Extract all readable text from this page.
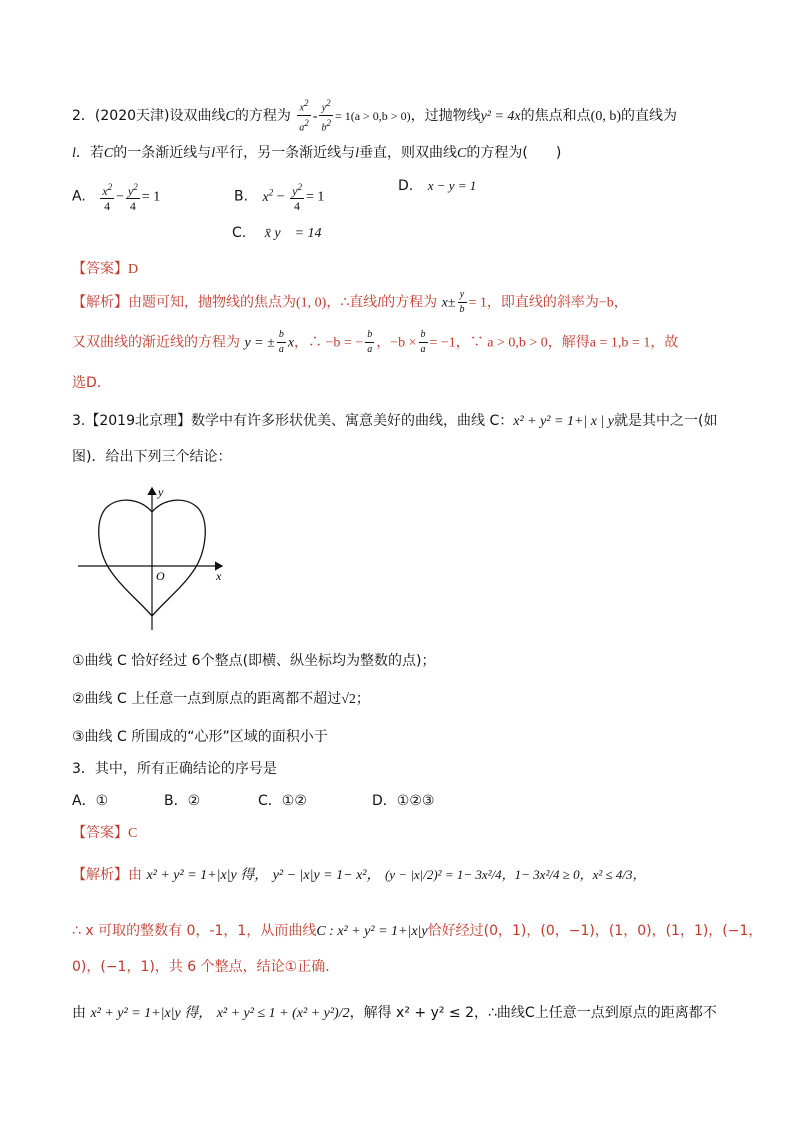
2．(2020天津)设双曲线C的方程为 $\frac{x^2}{a^2} - \frac{y^2}{b^2} = 1(a > 0,b > 0)$，过抛物线y² = 4x的焦点和点(0, b)的直线为
l．若C的一条渐近线与l平行，另一条渐近线与l垂直，则双曲线C的方程为(　　)
A. $\frac{x^2}{4} - \frac{y^2}{4} = 1$	B. $x^2 - \frac{y^2}{4} = 1$
D. x − y = 1
C. x̄ y　= 14
【答案】D
【解析】由题可知，抛物线的焦点为(1, 0)，∴直线l的方程为 $x\pm \frac{y}{b} = 1$，即直线的斜率为−b，
又双曲线的渐近线的方程为 y = ± $\frac{b}{a}$ x，∴ −b = − $\frac{b}{a}$ ，$-b \times \frac{b}{a} = -1$，∵ a > 0,b > 0，解得a = 1,b = 1，故
选D．
3.【2019北京理】数学中有许多形状优美、寓意美好的曲线，曲线 C：x² + y² = 1+| x | y就是其中之一(如
图)．给出下列三个结论：
y
x
O
①曲线 C 恰好经过 6个整点(即横、纵坐标均为整数的点)；
②曲线 C 上任意一点到原点的距离都不超过√2；
③曲线 C 所围成的“心形”区域的面积小于
3．其中，所有正确结论的序号是
A．①	B．②	C．①②	D．①②③
【答案】C
【解析】由 x² + y² = 1+|x|y 得， y² − |x|y = 1− x²， (y − |x|/2)² = 1− 3x²/4，1− 3x²/4 ≥ 0，x² ≤ 4/3，
∴ x 可取的整数有 0，-1，1，从而曲线C : x² + y² = 1+|x|y恰好经过(0，1)，(0，−1)，(1，0)，(1，1)，(−1，
0)，(−1，1)，共 6 个整点，结论①正确．
由 x² + y² = 1+|x|y 得， x² + y² ≤ 1 + (x² + y²)/2，解得 x² + y² ≤ 2，∴曲线C上任意一点到原点的距离都不
